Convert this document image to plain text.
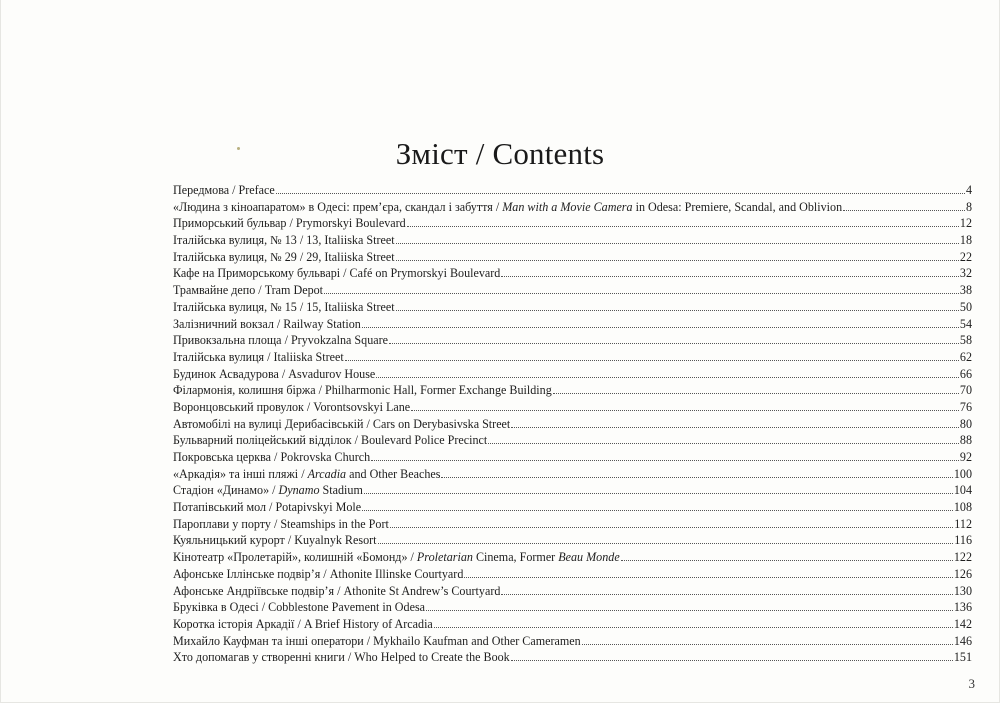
Зміст / Contents
Передмова / Preface	4
«Людина з кіноапаратом» в Одесі: прем’єра, скандал і забуття / Man with a Movie Camera in Odesa: Premiere, Scandal, and Oblivion	8
Приморський бульвар / Prymorskyi Boulevard	12
Італійська вулиця, № 13 / 13, Italiiska Street	18
Італійська вулиця, № 29 / 29, Italiiska Street	22
Кафе на Приморському бульварі / Café on Prymorskyi Boulevard	32
Трамвайне депо / Tram Depot	38
Італійська вулиця, № 15 / 15, Italiiska Street	50
Залізничний вокзал / Railway Station	54
Привокзальна площа / Pryvokzalna Square	58
Італійська вулиця / Italiiska Street	62
Будинок Асвадурова / Asvadurov House	66
Філармонія, колишня біржа / Philharmonic Hall, Former Exchange Building	70
Воронцовський провулок / Vorontsovskyi Lane	76
Автомобілі на вулиці Дерибасівській / Cars on Derybasivska Street	80
Бульварний поліцейський відділок / Boulevard Police Precinct	88
Покровська церква / Pokrovska Church	92
«Аркадія» та інші пляжі / Arcadia and Other Beaches	100
Стадіон «Динамо» / Dynamo Stadium	104
Потапівський мол / Potapivskyi Mole	108
Пароплави у порту / Steamships in the Port	112
Куяльницький курорт / Kuyalnyk Resort	116
Кінотеатр «Пролетарій», колишній «Бомонд» / Proletarian Cinema, Former Beau Monde	122
Афонське Іллінське подвір’я / Athonite Illinske Courtyard	126
Афонське Андріївське подвір’я / Athonite St Andrew’s Courtyard	130
Бруківка в Одесі / Cobblestone Pavement in Odesa	136
Коротка історія Аркадії / A Brief History of Arcadia	142
Михайло Кауфман та інші оператори / Mykhailo Kaufman and Other Cameramen	146
Хто допомагав у створенні книги / Who Helped to Create the Book	151
3
